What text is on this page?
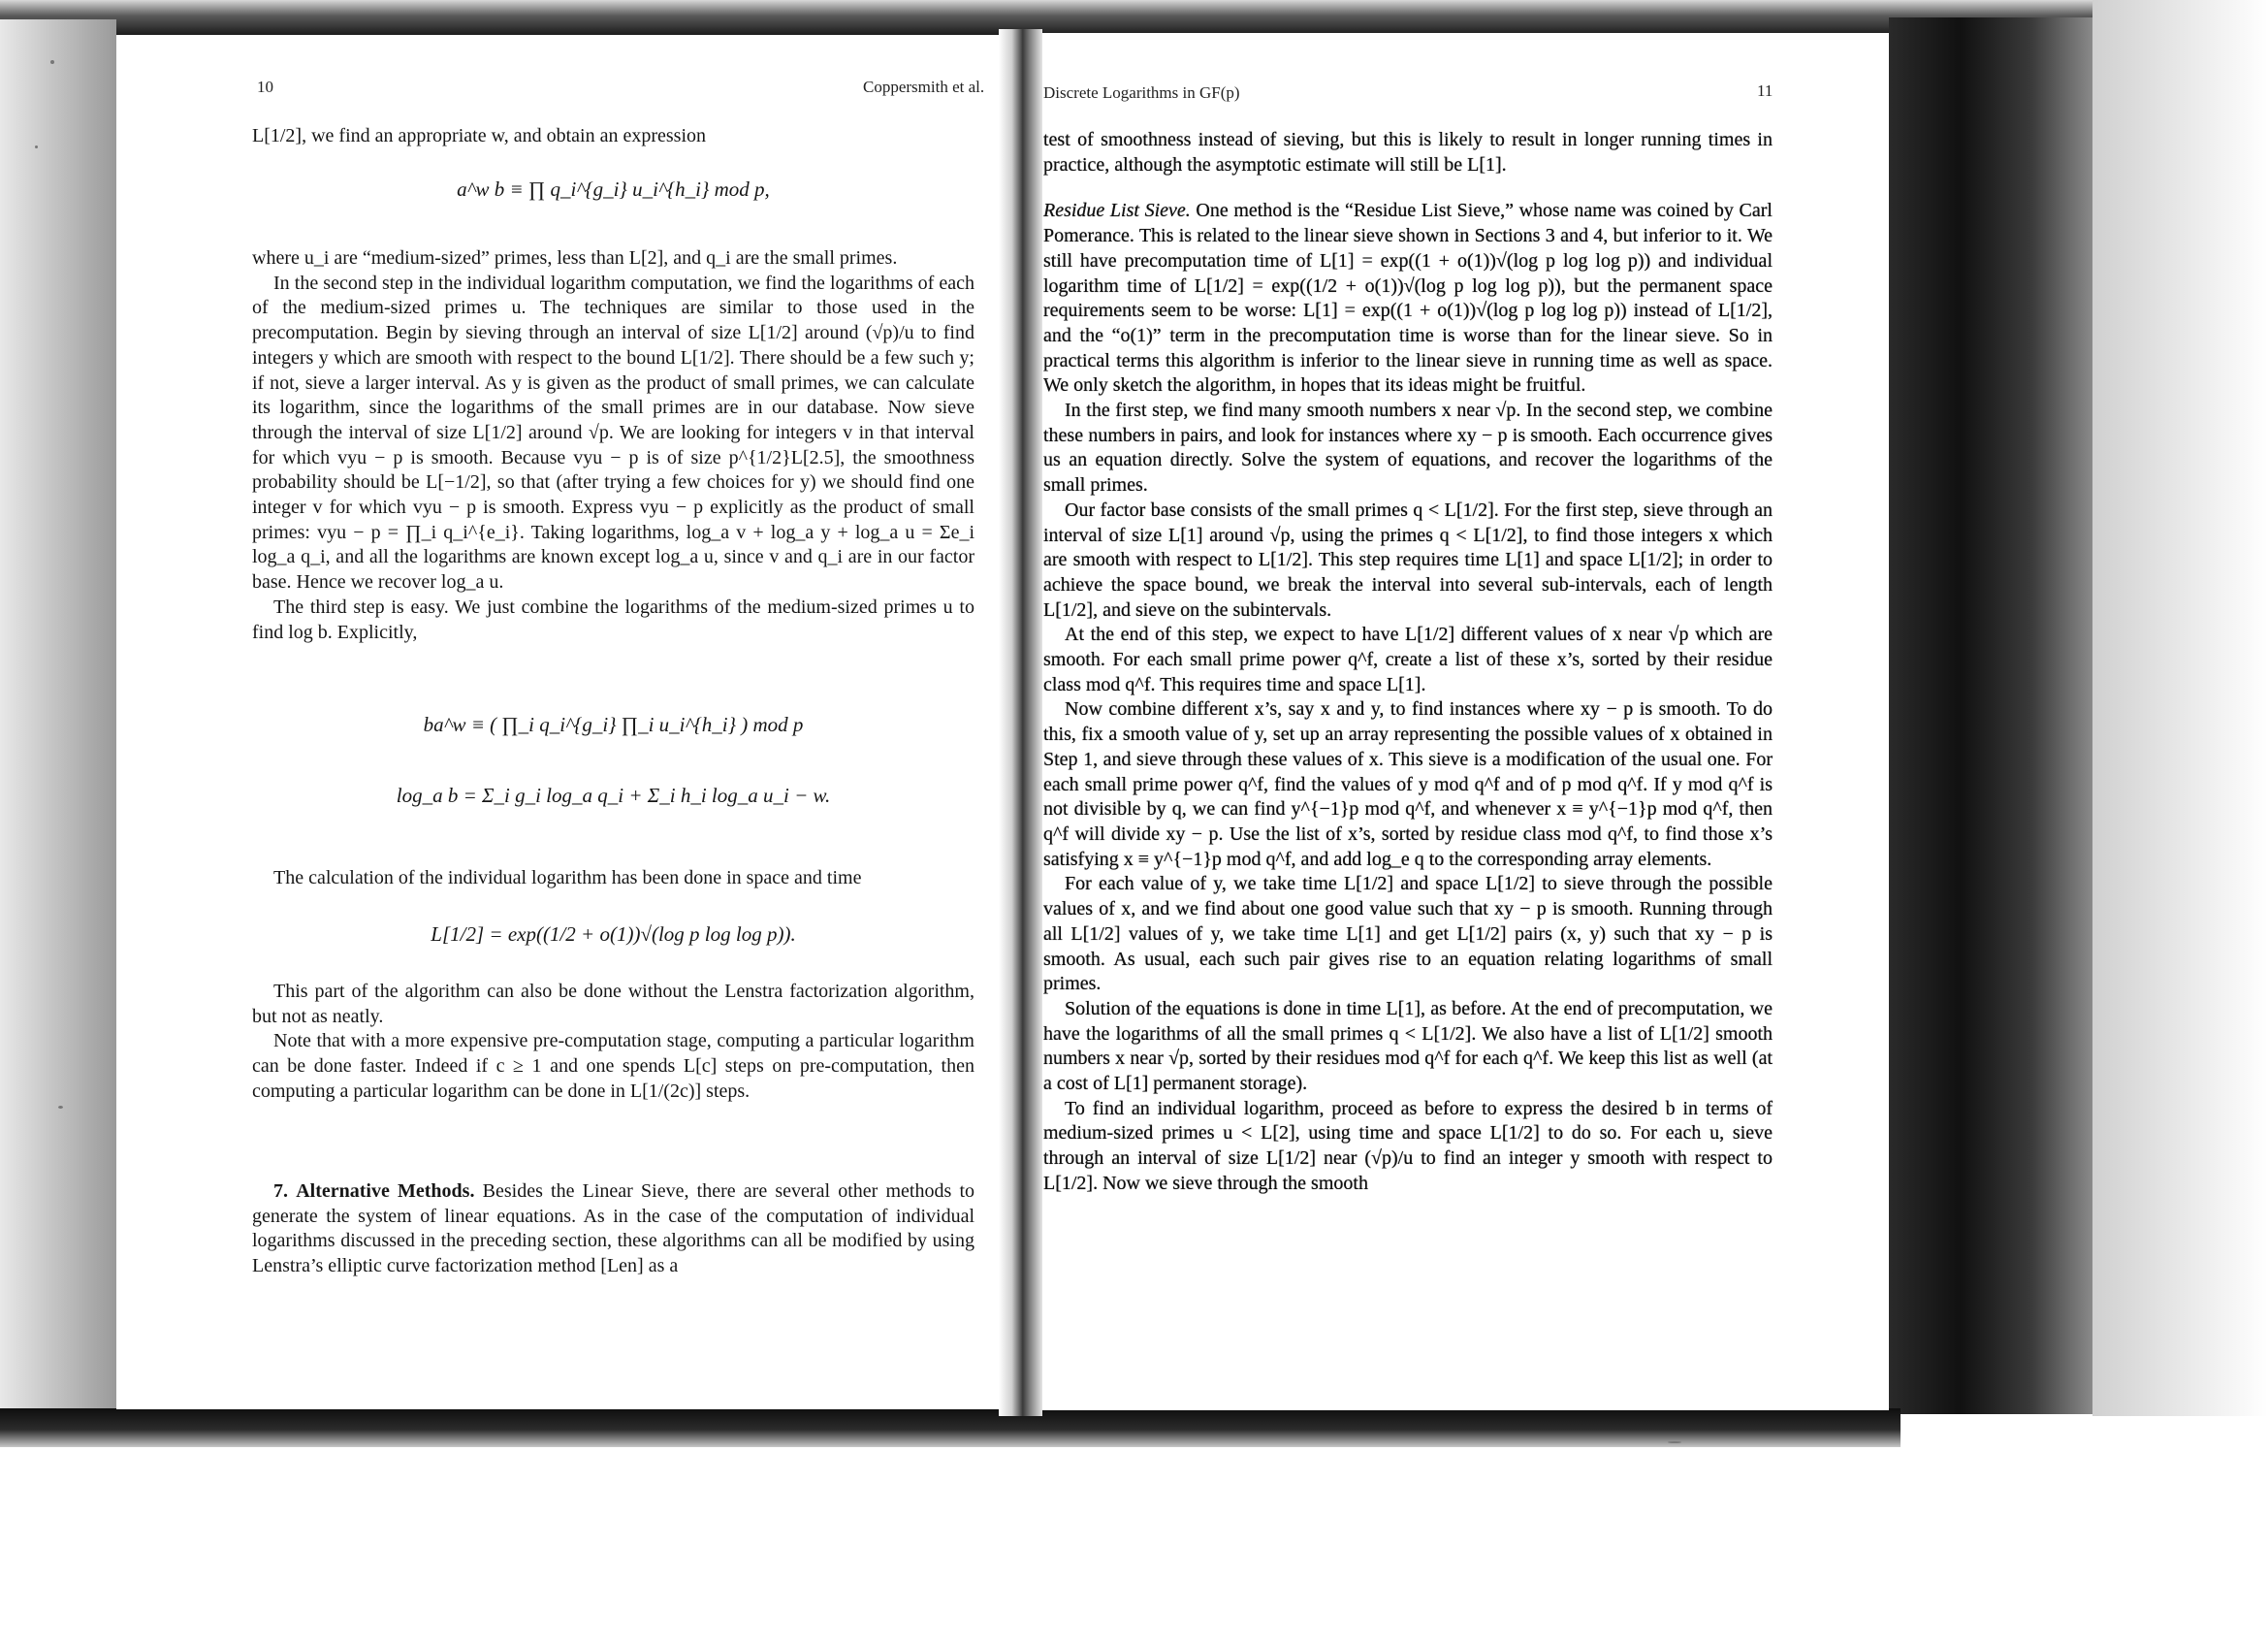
10	Coppersmith et al.
L[1/2], we find an appropriate w, and obtain an expression
a^w b ≡ ∏ q_i^{g_i} u_i^{h_i} mod p,

where u_i are “medium-sized” primes, less than L[2], and q_i are the small primes.

In the second step in the individual logarithm computation, we find the logarithms of each of the medium-sized primes u. The techniques are similar to those used in the precomputation. Begin by sieving through an interval of size L[1/2] around (√p)/u to find integers y which are smooth with respect to the bound L[1/2]. There should be a few such y; if not, sieve a larger interval. As y is given as the product of small primes, we can calculate its logarithm, since the logarithms of the small primes are in our database. Now sieve through the interval of size L[1/2] around √p. We are looking for integers v in that interval for which vyu − p is smooth. Because vyu − p is of size p^{1/2}L[2.5], the smoothness probability should be L[−1/2], so that (after trying a few choices for y) we should find one integer v for which vyu − p is smooth. Express vyu − p explicitly as the product of small primes: vyu − p = ∏_i q_i^{e_i}. Taking logarithms, log_a v + log_a y + log_a u = Σe_i log_a q_i, and all the logarithms are known except log_a u, since v and q_i are in our factor base. Hence we recover log_a u.

The third step is easy. We just combine the logarithms of the medium-sized primes u to find log b. Explicitly,

ba^w ≡ ( ∏_i q_i^{g_i} ∏_i u_i^{h_i} ) mod p
log_a b = Σ_i g_i log_a q_i + Σ_i h_i log_a u_i − w.

The calculation of the individual logarithm has been done in space and time

L[1/2] = exp((1/2 + o(1))√(log p log log p)).

This part of the algorithm can also be done without the Lenstra factorization algorithm, but not as neatly.

Note that with a more expensive pre-computation stage, computing a particular logarithm can be done faster. Indeed if c ≥ 1 and one spends L[c] steps on pre-computation, then computing a particular logarithm can be done in L[1/(2c)] steps.

7. Alternative Methods. Besides the Linear Sieve, there are several other methods to generate the system of linear equations. As in the case of the computation of individual logarithms discussed in the preceding section, these algorithms can all be modified by using Lenstra’s elliptic curve factorization method [Len] as a

Discrete Logarithms in GF(p)	11

test of smoothness instead of sieving, but this is likely to result in longer running times in practice, although the asymptotic estimate will still be L[1].

Residue List Sieve. One method is the “Residue List Sieve,” whose name was coined by Carl Pomerance. This is related to the linear sieve shown in Sections 3 and 4, but inferior to it. We still have precomputation time of L[1] = exp((1 + o(1))√(log p log log p)) and individual logarithm time of L[1/2] = exp((1/2 + o(1))√(log p log log p)), but the permanent space requirements seem to be worse: L[1] = exp((1 + o(1))√(log p log log p)) instead of L[1/2], and the “o(1)” term in the precomputation time is worse than for the linear sieve. So in practical terms this algorithm is inferior to the linear sieve in running time as well as space. We only sketch the algorithm, in hopes that its ideas might be fruitful.

In the first step, we find many smooth numbers x near √p. In the second step, we combine these numbers in pairs, and look for instances where xy − p is smooth. Each occurrence gives us an equation directly. Solve the system of equations, and recover the logarithms of the small primes.

Our factor base consists of the small primes q < L[1/2]. For the first step, sieve through an interval of size L[1] around √p, using the primes q < L[1/2], to find those integers x which are smooth with respect to L[1/2]. This step requires time L[1] and space L[1/2]; in order to achieve the space bound, we break the interval into several sub-intervals, each of length L[1/2], and sieve on the subintervals.

At the end of this step, we expect to have L[1/2] different values of x near √p which are smooth. For each small prime power q^f, create a list of these x’s, sorted by their residue class mod q^f. This requires time and space L[1].

Now combine different x’s, say x and y, to find instances where xy − p is smooth. To do this, fix a smooth value of y, set up an array representing the possible values of x obtained in Step 1, and sieve through these values of x. This sieve is a modification of the usual one. For each small prime power q^f, find the values of y mod q^f and of p mod q^f. If y mod q^f is not divisible by q, we can find y^{−1}p mod q^f, and whenever x ≡ y^{−1}p mod q^f, then q^f will divide xy − p. Use the list of x’s, sorted by residue class mod q^f, to find those x’s satisfying x ≡ y^{−1}p mod q^f, and add log_e q to the corresponding array elements.

For each value of y, we take time L[1/2] and space L[1/2] to sieve through the possible values of x, and we find about one good value such that xy − p is smooth. Running through all L[1/2] values of y, we take time L[1] and get L[1/2] pairs (x, y) such that xy − p is smooth. As usual, each such pair gives rise to an equation relating logarithms of small primes.

Solution of the equations is done in time L[1], as before. At the end of precomputation, we have the logarithms of all the small primes q < L[1/2]. We also have a list of L[1/2] smooth numbers x near √p, sorted by their residues mod q^f for each q^f. We keep this list as well (at a cost of L[1] permanent storage).

To find an individual logarithm, proceed as before to express the desired b in terms of medium-sized primes u < L[2], using time and space L[1/2] to do so. For each u, sieve through an interval of size L[1/2] near (√p)/u to find an integer y smooth with respect to L[1/2]. Now we sieve through the smooth
